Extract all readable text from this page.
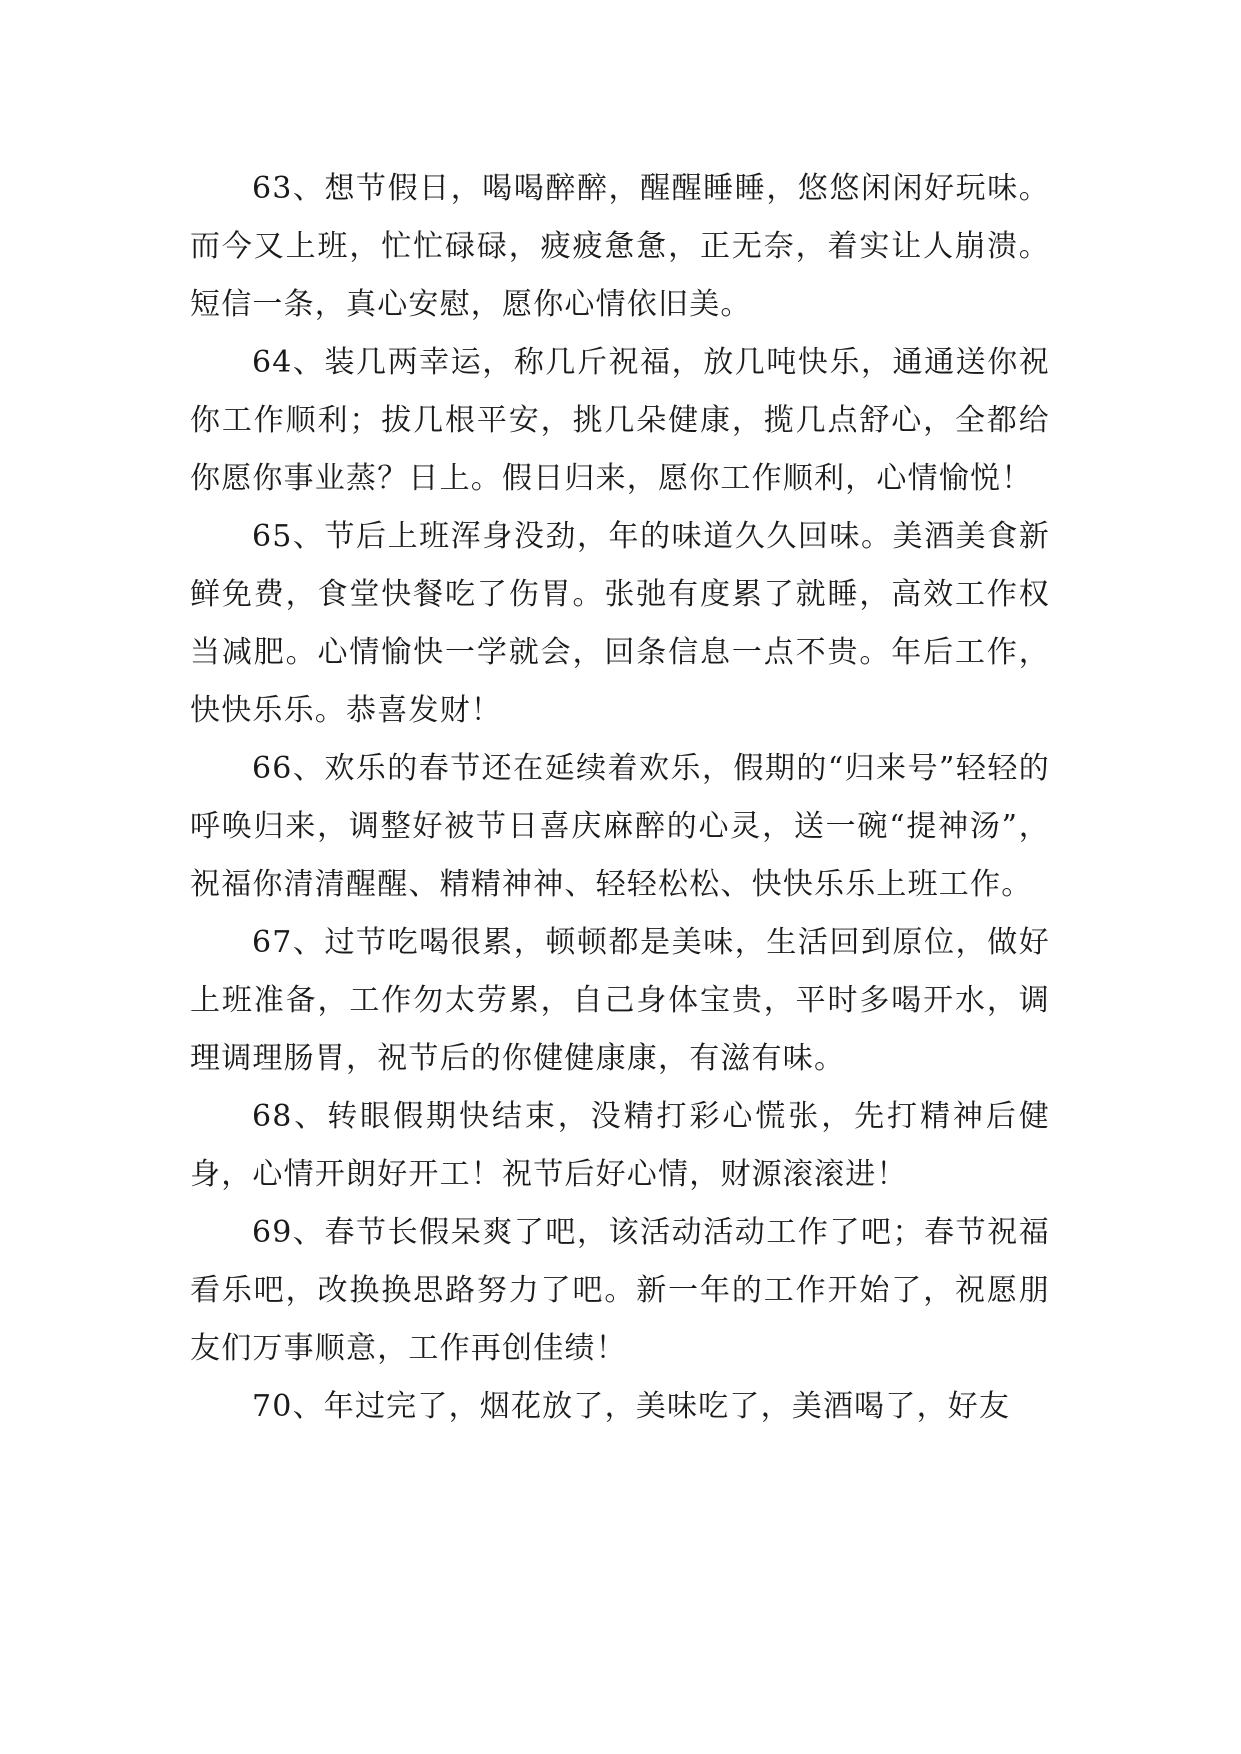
63、想节假日，喝喝醉醉，醒醒睡睡，悠悠闲闲好玩味。而今又上班，忙忙碌碌，疲疲惫惫，正无奈，着实让人崩溃。短信一条，真心安慰，愿你心情依旧美。

64、装几两幸运，称几斤祝福，放几吨快乐，通通送你祝你工作顺利；拔几根平安，挑几朵健康，揽几点舒心，全都给你愿你事业蒸？日上。假日归来，愿你工作顺利，心情愉悦！

65、节后上班浑身没劲，年的味道久久回味。美酒美食新鲜免费，食堂快餐吃了伤胃。张弛有度累了就睡，高效工作权当减肥。心情愉快一学就会，回条信息一点不贵。年后工作，快快乐乐。恭喜发财！

66、欢乐的春节还在延续着欢乐，假期的“归来号”轻轻的呼唤归来，调整好被节日喜庆麻醉的心灵，送一碗“提神汤”，祝福你清清醒醒、精精神神、轻轻松松、快快乐乐上班工作。

67、过节吃喝很累，顿顿都是美味，生活回到原位，做好上班准备，工作勿太劳累，自己身体宝贵，平时多喝开水，调理调理肠胃，祝节后的你健健康康，有滋有味。

68、转眼假期快结束，没精打彩心慌张，先打精神后健身，心情开朗好开工！祝节后好心情，财源滚滚进！

69、春节长假呆爽了吧，该活动活动工作了吧；春节祝福看乐吧，改换换思路努力了吧。新一年的工作开始了，祝愿朋友们万事顺意，工作再创佳绩！

70、年过完了，烟花放了，美味吃了，美酒喝了，好友
